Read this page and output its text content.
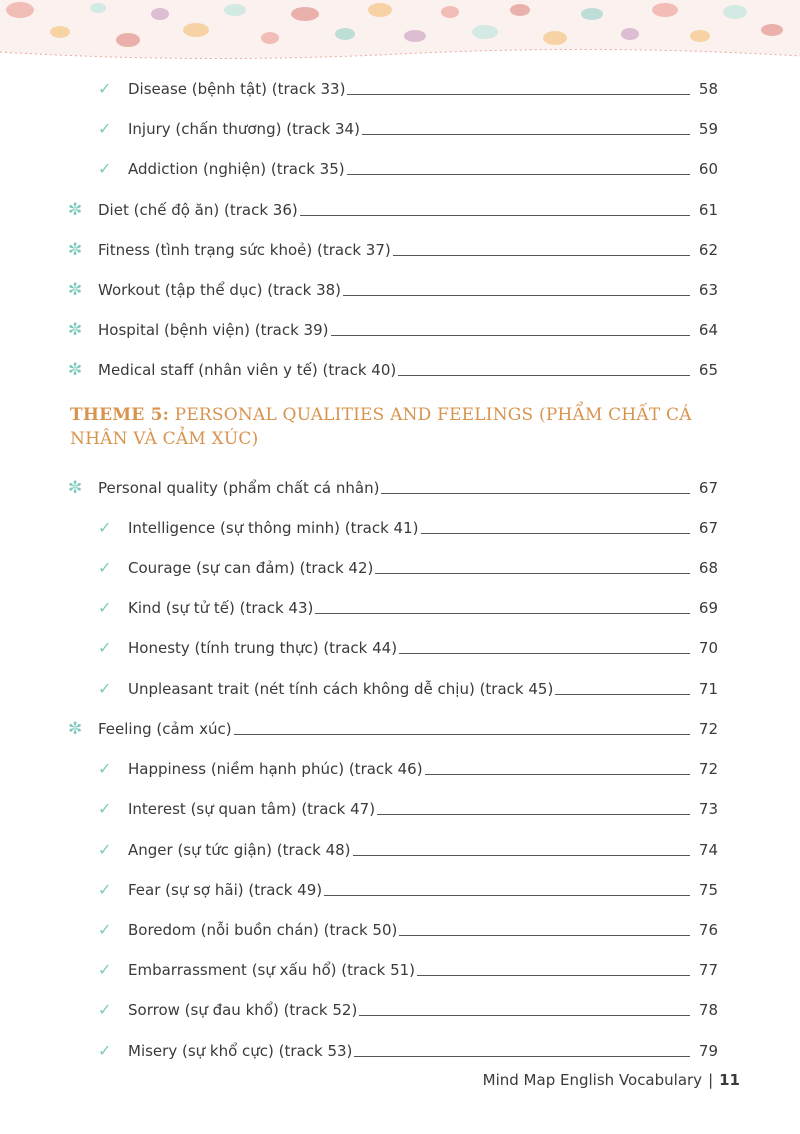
✓	Disease (bệnh tật) (track 33)	58
✓	Injury (chấn thương) (track 34)	59
✓	Addiction (nghiện) (track 35)	60
✼	Diet (chế độ ăn) (track 36)	61
✼	Fitness (tình trạng sức khoẻ) (track 37)	62
✼	Workout (tập thể dục) (track 38)	63
✼	Hospital (bệnh viện) (track 39)	64
✼	Medical staff (nhân viên y tế) (track 40)	65
THEME 5: PERSONAL QUALITIES AND FEELINGS (PHẨM CHẤT CÁ NHÂN VÀ CẢM XÚC)
✼	Personal quality (phẩm chất cá nhân)	67
✓	Intelligence (sự thông minh) (track 41)	67
✓	Courage (sự can đảm) (track 42)	68
✓	Kind (sự tử tế) (track 43)	69
✓	Honesty (tính trung thực) (track 44)	70
✓	Unpleasant trait (nét tính cách không dễ chịu) (track 45)	71
✼	Feeling (cảm xúc)	72
✓	Happiness (niềm hạnh phúc) (track 46)	72
✓	Interest (sự quan tâm) (track 47)	73
✓	Anger (sự tức giận) (track 48)	74
✓	Fear (sự sợ hãi) (track 49)	75
✓	Boredom (nỗi buồn chán) (track 50)	76
✓	Embarrassment (sự xấu hổ) (track 51)	77
✓	Sorrow (sự đau khổ) (track 52)	78
✓	Misery (sự khổ cực) (track 53)	79
Mind Map English Vocabulary | 11
